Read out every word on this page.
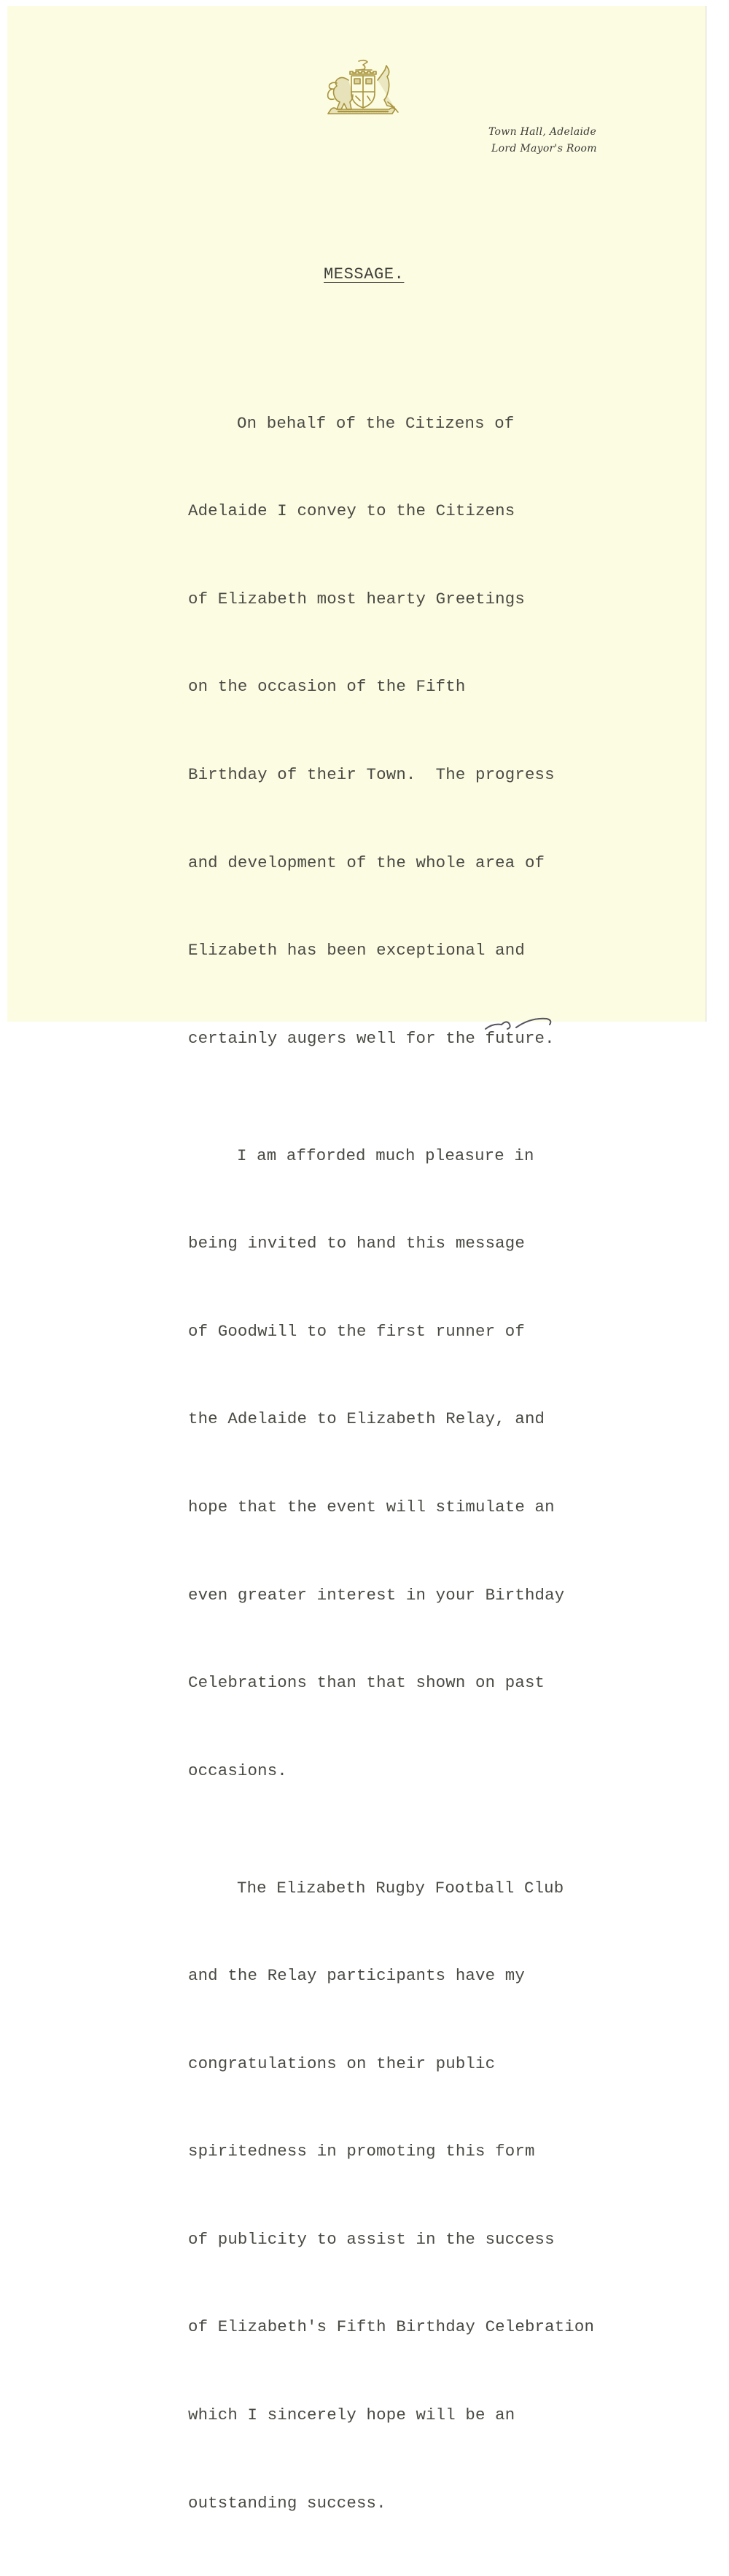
Town Hall, Adelaide
Lord Mayor's Room
MESSAGE.

On behalf of the Citizens of

Adelaide I convey to the Citizens

of Elizabeth most hearty Greetings

on the occasion of the Fifth

Birthday of their Town.  The progress

and development of the whole area of

Elizabeth has been exceptional and

certainly augers well for the future.

I am afforded much pleasure in

being invited to hand this message

of Goodwill to the first runner of

the Adelaide to Elizabeth Relay, and

hope that the event will stimulate an

even greater interest in your Birthday

Celebrations than that shown on past

occasions.

The Elizabeth Rugby Football Club

and the Relay participants have my

congratulations on their public

spiritedness in promoting this form

of publicity to assist in the success

of Elizabeth's Fifth Birthday Celebration

which I sincerely hope will be an

outstanding success.
